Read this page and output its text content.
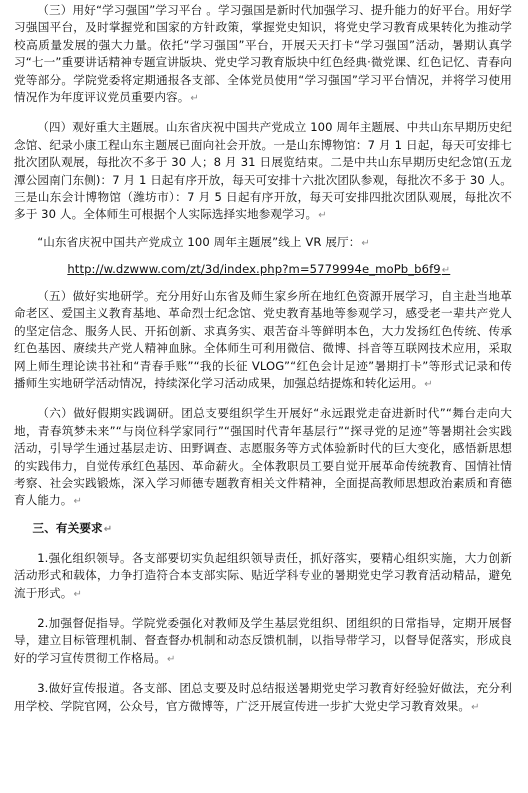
（三）用好“学习强国”学习平台 。学习强国是新时代加强学习、提升能力的好平台。用好学习强国平台，及时掌握党和国家的方针政策，掌握党史知识，将党史学习教育成果转化为推动学校高质量发展的强大力量。依托“学习强国”平台，开展天天打卡“学习强国”活动，暑期认真学习“七一”重要讲话精神专题宣讲版块、党史学习教育版块中红色经典·微党课、红色记忆、青春向党等部分。学院党委将定期通报各支部、全体党员使用“学习强国”学习平台情况，并将学习使用情况作为年度评议党员重要内容。↵

（四）观好重大主题展。山东省庆祝中国共产党成立 100 周年主题展、中共山东早期历史纪念馆、纪录小康工程山东主题展已面向社会开放。一是山东博物馆：7 月 1 日起，每天可安排七批次团队观展，每批次不多于 30 人；8 月 31 日展览结束。二是中共山东早期历史纪念馆(五龙潭公园南门东侧)：7 月 1 日起有序开放，每天可安排十六批次团队参观，每批次不多于 30 人。三是山东会计博物馆（潍坊市）：7 月 5 日起有序开放，每天可安排四批次团队观展，每批次不多于 30 人。全体师生可根据个人实际选择实地参观学习。↵

“山东省庆祝中国共产党成立 100 周年主题展”线上 VR 展厅：↵

http://w.dzwww.com/zt/3d/index.php?m=5779994e_moPb_b6f9↵

（五）做好实地研学。充分用好山东省及师生家乡所在地红色资源开展学习，自主赴当地革命老区、爱国主义教育基地、革命烈士纪念馆、党史教育基地等参观学习，感受老一辈共产党人的坚定信念、服务人民、开拓创新、求真务实、艰苦奋斗等鲜明本色，大力发扬红色传统、传承红色基因、赓续共产党人精神血脉。全体师生可利用微信、微博、抖音等互联网技术应用，采取网上师生理论读书社和“青春手账”“我的长征 VLOG”“红色会计足迹”暑期打卡”等形式记录和传播师生实地研学活动情况，持续深化学习活动成果，加强总结提炼和转化运用。↵

（六）做好假期实践调研。团总支要组织学生开展好“永远跟党走奋进新时代”“舞台走向大地，青春筑梦未来”“与岗位科学家同行”“强国时代青年基层行”“探寻党的足迹”等暑期社会实践活动，引导学生通过基层走访、田野调查、志愿服务等方式体验新时代的巨大变化，感悟新思想的实践伟力，自觉传承红色基因、革命薪火。全体教职员工要自觉开展革命传统教育、国情社情考察、社会实践锻炼，深入学习师德专题教育相关文件精神，全面提高教师思想政治素质和育德育人能力。↵

三、有关要求↵

1.强化组织领导。各支部要切实负起组织领导责任，抓好落实，要精心组织实施，大力创新活动形式和载体，力争打造符合本支部实际、贴近学科专业的暑期党史学习教育活动精品，避免流于形式。↵

2.加强督促指导。学院党委强化对教师及学生基层党组织、团组织的日常指导，定期开展督导，建立目标管理机制、督查督办机制和动态反馈机制，以指导带学习，以督导促落实，形成良好的学习宣传贯彻工作格局。↵

3.做好宣传报道。各支部、团总支要及时总结报送暑期党史学习教育好经验好做法，充分利用学校、学院官网，公众号，官方微博等，广泛开展宣传进一步扩大党史学习教育效果。↵
